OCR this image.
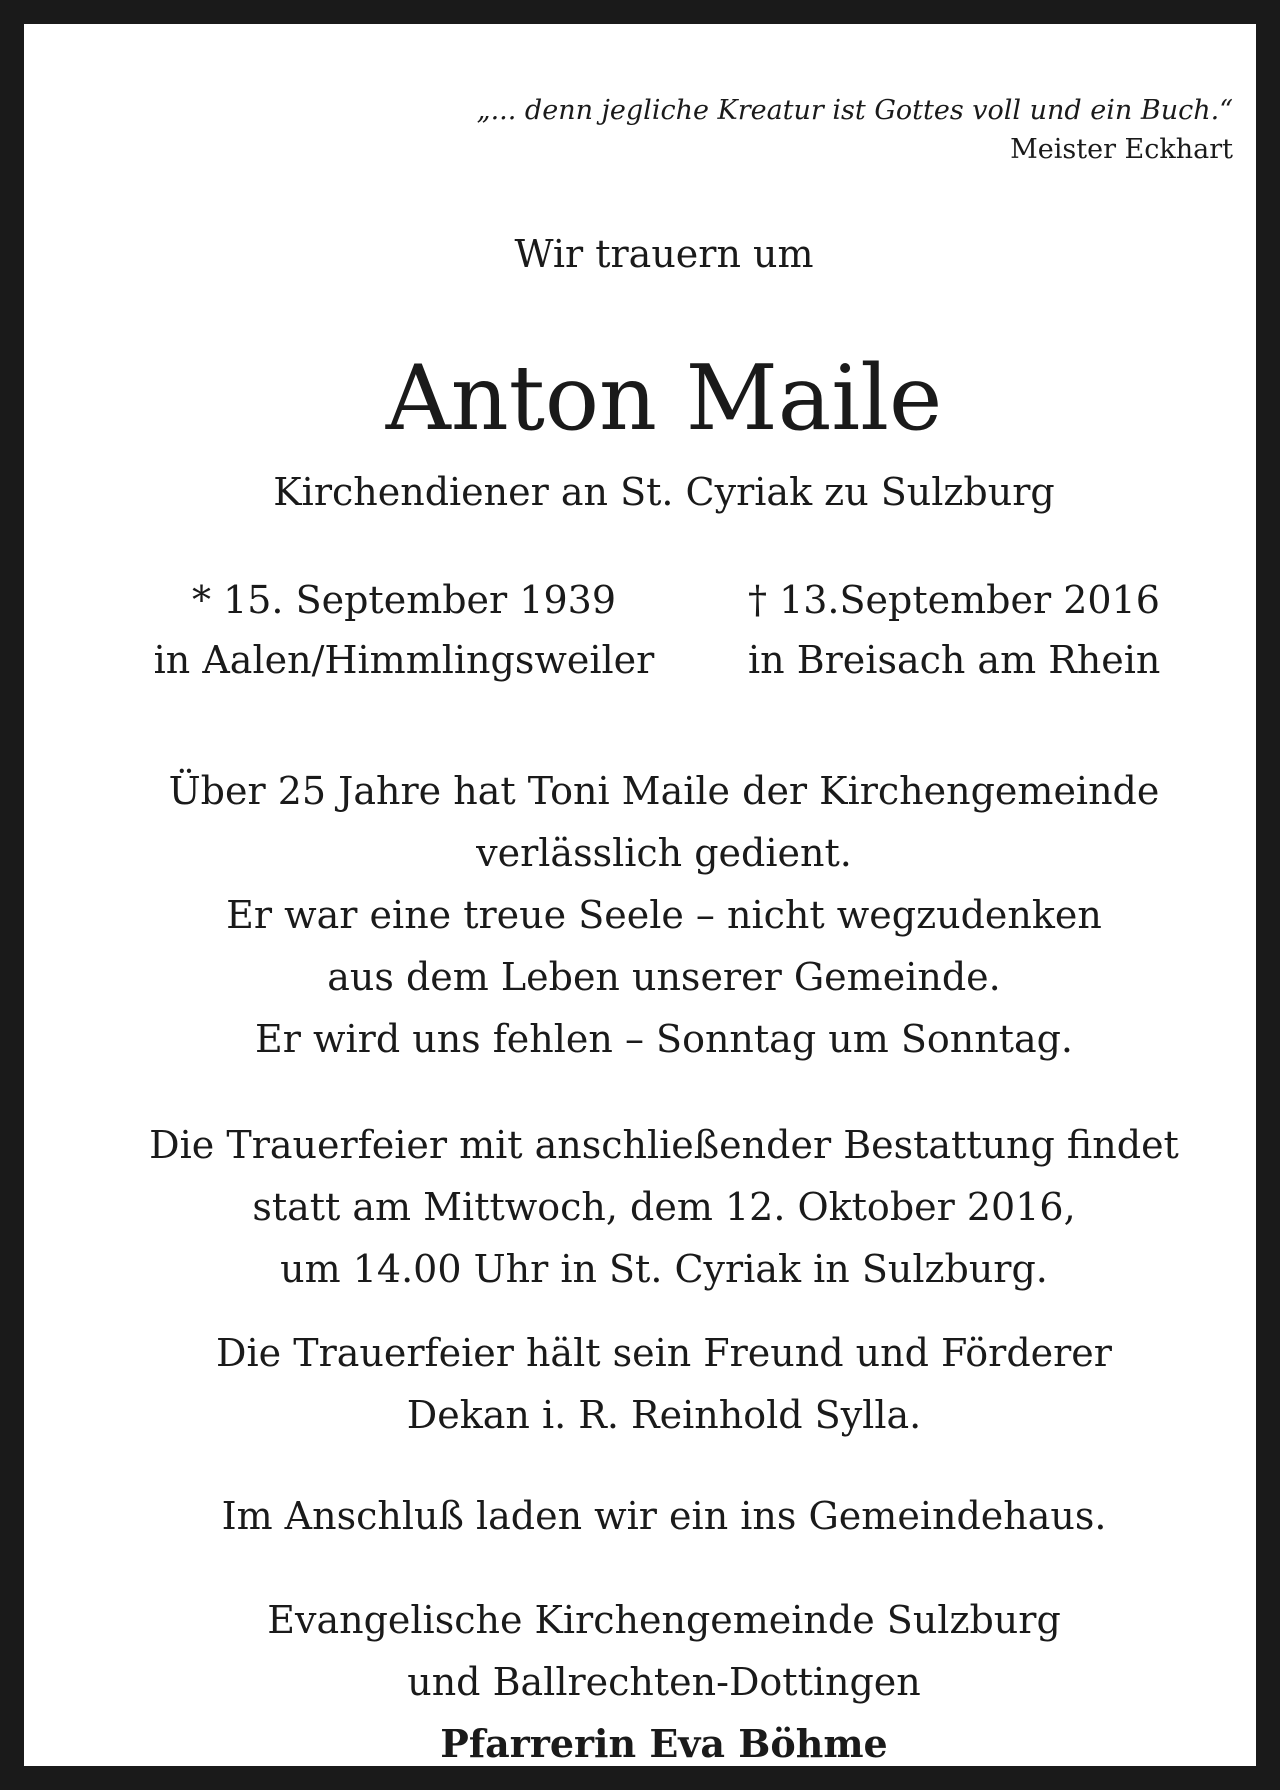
„... denn jegliche Kreatur ist Gottes voll und ein Buch.“
Meister Eckhart
Wir trauern um
Anton Maile
Kirchendiener an St. Cyriak zu Sulzburg
* 15. September 1939
in Aalen/Himmlingsweiler
† 13.September 2016
in Breisach am Rhein
Über 25 Jahre hat Toni Maile der Kirchengemeinde
verlässlich gedient.
Er war eine treue Seele – nicht wegzudenken
aus dem Leben unserer Gemeinde.
Er wird uns fehlen – Sonntag um Sonntag.
Die Trauerfeier mit anschließender Bestattung findet
statt am Mittwoch, dem 12. Oktober 2016,
um 14.00 Uhr in St. Cyriak in Sulzburg.
Die Trauerfeier hält sein Freund und Förderer
Dekan i. R. Reinhold Sylla.
Im Anschluß laden wir ein ins Gemeindehaus.
Evangelische Kirchengemeinde Sulzburg
und Ballrechten-Dottingen
Pfarrerin Eva Böhme
